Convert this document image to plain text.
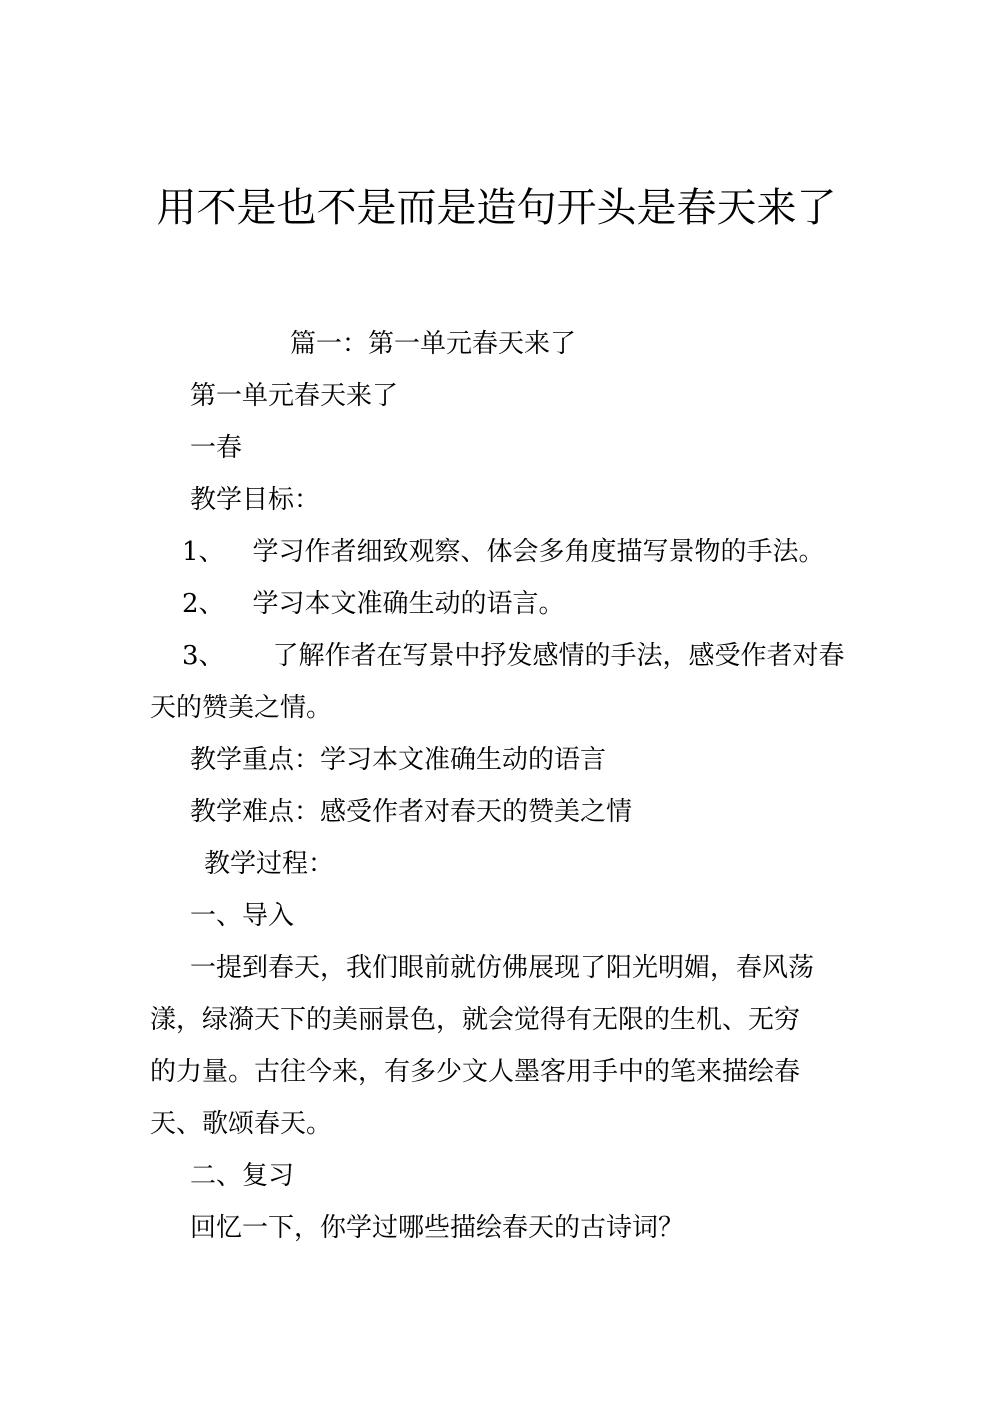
用不是也不是而是造句开头是春天来了

篇一：第一单元春天来了

第一单元春天来了

一春

教学目标：

1、 学习作者细致观察、体会多角度描写景物的手法。

2、 学习本文准确生动的语言。

3、 了解作者在写景中抒发感情的手法，感受作者对春

天的赞美之情。

教学重点：学习本文准确生动的语言

教学难点：感受作者对春天的赞美之情

教学过程：

一、导入

一提到春天，我们眼前就仿佛展现了阳光明媚，春风荡

漾，绿漪天下的美丽景色，就会觉得有无限的生机、无穷

的力量。古往今来，有多少文人墨客用手中的笔来描绘春

天、歌颂春天。

二、复习

回忆一下，你学过哪些描绘春天的古诗词？
